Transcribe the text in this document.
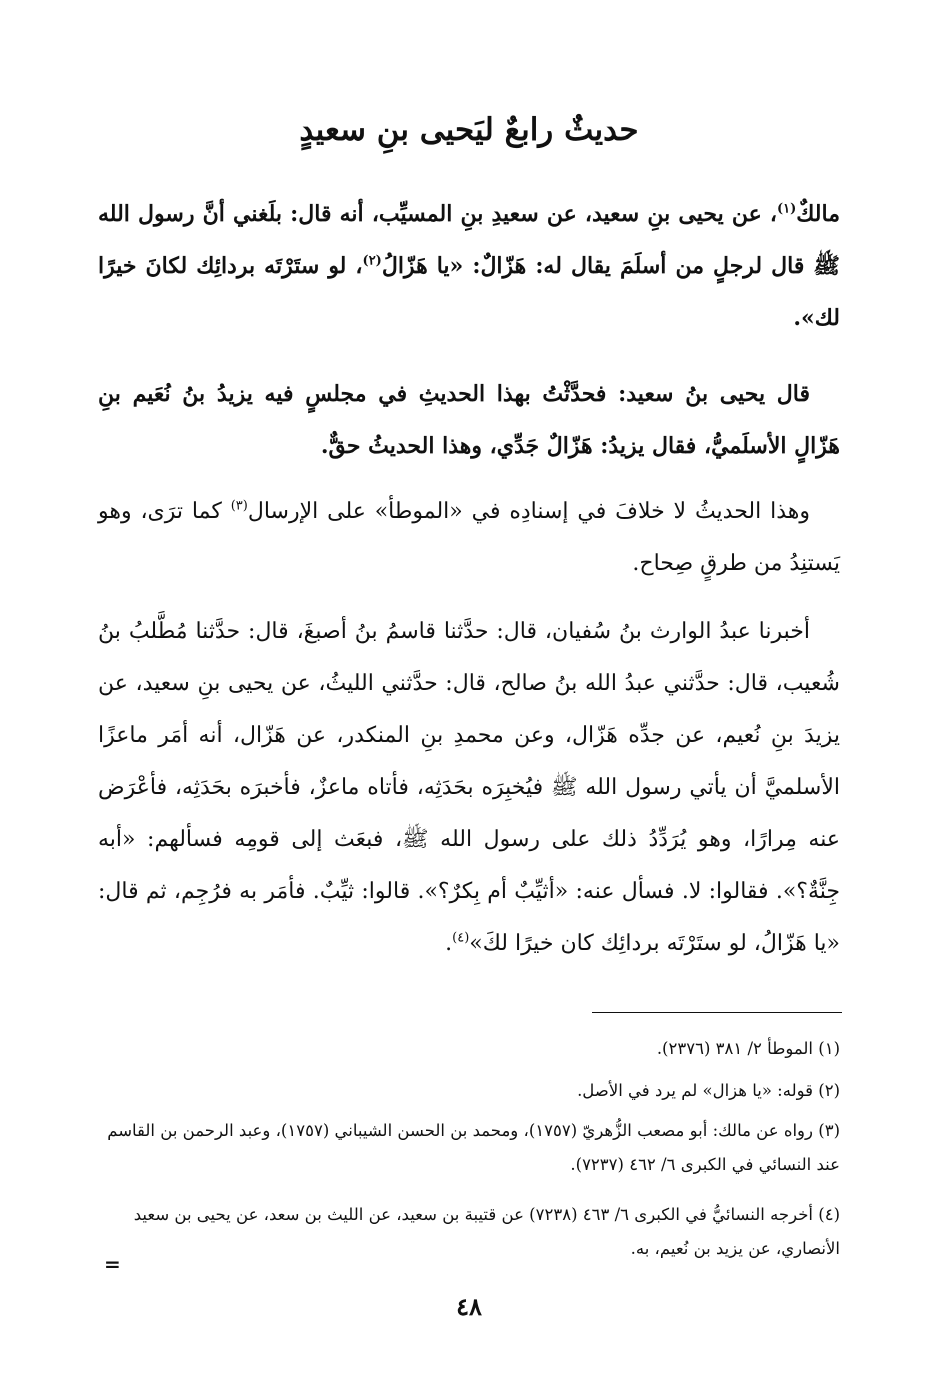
حديثٌ رابعٌ ليَحيى بنِ سعيدٍ

مالكٌ$^{(١)}$، عن يحيى بنِ سعيد، عن سعيدِ بنِ المسيِّب، أنه قال: بلَغني أنَّ رسول الله ﷺ قال لرجلٍ من أسلَمَ يقال له: هَزّالٌ: «يا هَزّالُ$^{(٢)}$، لو ستَرْتَه بردائِك لكانَ خيرًا لك».

قال يحيى بنُ سعيد: فحدَّثْتُ بهذا الحديثِ في مجلسٍ فيه يزيدُ بنُ نُعَيم بنِ هَزّالٍ الأسلَميُّ، فقال يزيدُ: هَزّالٌ جَدِّي، وهذا الحديثُ حقٌّ.

وهذا الحديثُ لا خلافَ في إسنادِه في «الموطأ» على الإرسال$^{(٣)}$ كما ترَى، وهو يَستنِدُ من طرقٍ صِحاح.

أخبرنا عبدُ الوارث بنُ سُفيان، قال: حدَّثنا قاسمُ بنُ أصبغَ، قال: حدَّثنا مُطَّلبُ بنُ شُعيب، قال: حدَّثني عبدُ الله بنُ صالح، قال: حدَّثني الليثُ، عن يحيى بنِ سعيد، عن يزيدَ بنِ نُعيم، عن جدِّه هَزّال، وعن محمدِ بنِ المنكدر، عن هَزّال، أنه أمَر ماعزًا الأسلميَّ أن يأتي رسول الله ﷺ فيُخبِرَه بحَدَثِه، فأتاه ماعزٌ، فأخبرَه بحَدَثِه، فأعْرَض عنه مِرارًا، وهو يُرَدِّدُ ذلك على رسول الله ﷺ، فبعَث إلى قومِه فسألهم: «أبه جِنَّةٌ؟». فقالوا: لا. فسأل عنه: «أثيِّبٌ أم بِكرٌ؟». قالوا: ثيِّبٌ. فأمَر به فرُجِم، ثم قال: «يا هَزّالُ، لو ستَرْتَه بردائِك كان خيرًا لكَ»$^{(٤)}$.

(١) الموطأ ٢/ ٣٨١ (٢٣٧٦).

(٢) قوله: «يا هزال» لم يرد في الأصل.

(٣) رواه عن مالك: أبو مصعب الزُّهريّ (١٧٥٧)، ومحمد بن الحسن الشيباني (١٧٥٧)، وعبد الرحمن بن القاسم عند النسائي في الكبرى ٦/ ٤٦٢ (٧٢٣٧).

(٤) أخرجه النسائيُّ في الكبرى ٦/ ٤٦٣ (٧٢٣٨) عن قتيبة بن سعيد، عن الليث بن سعد، عن يحيى بن سعيد الأنصاري، عن يزيد بن نُعيم، به.

=
٤٨
